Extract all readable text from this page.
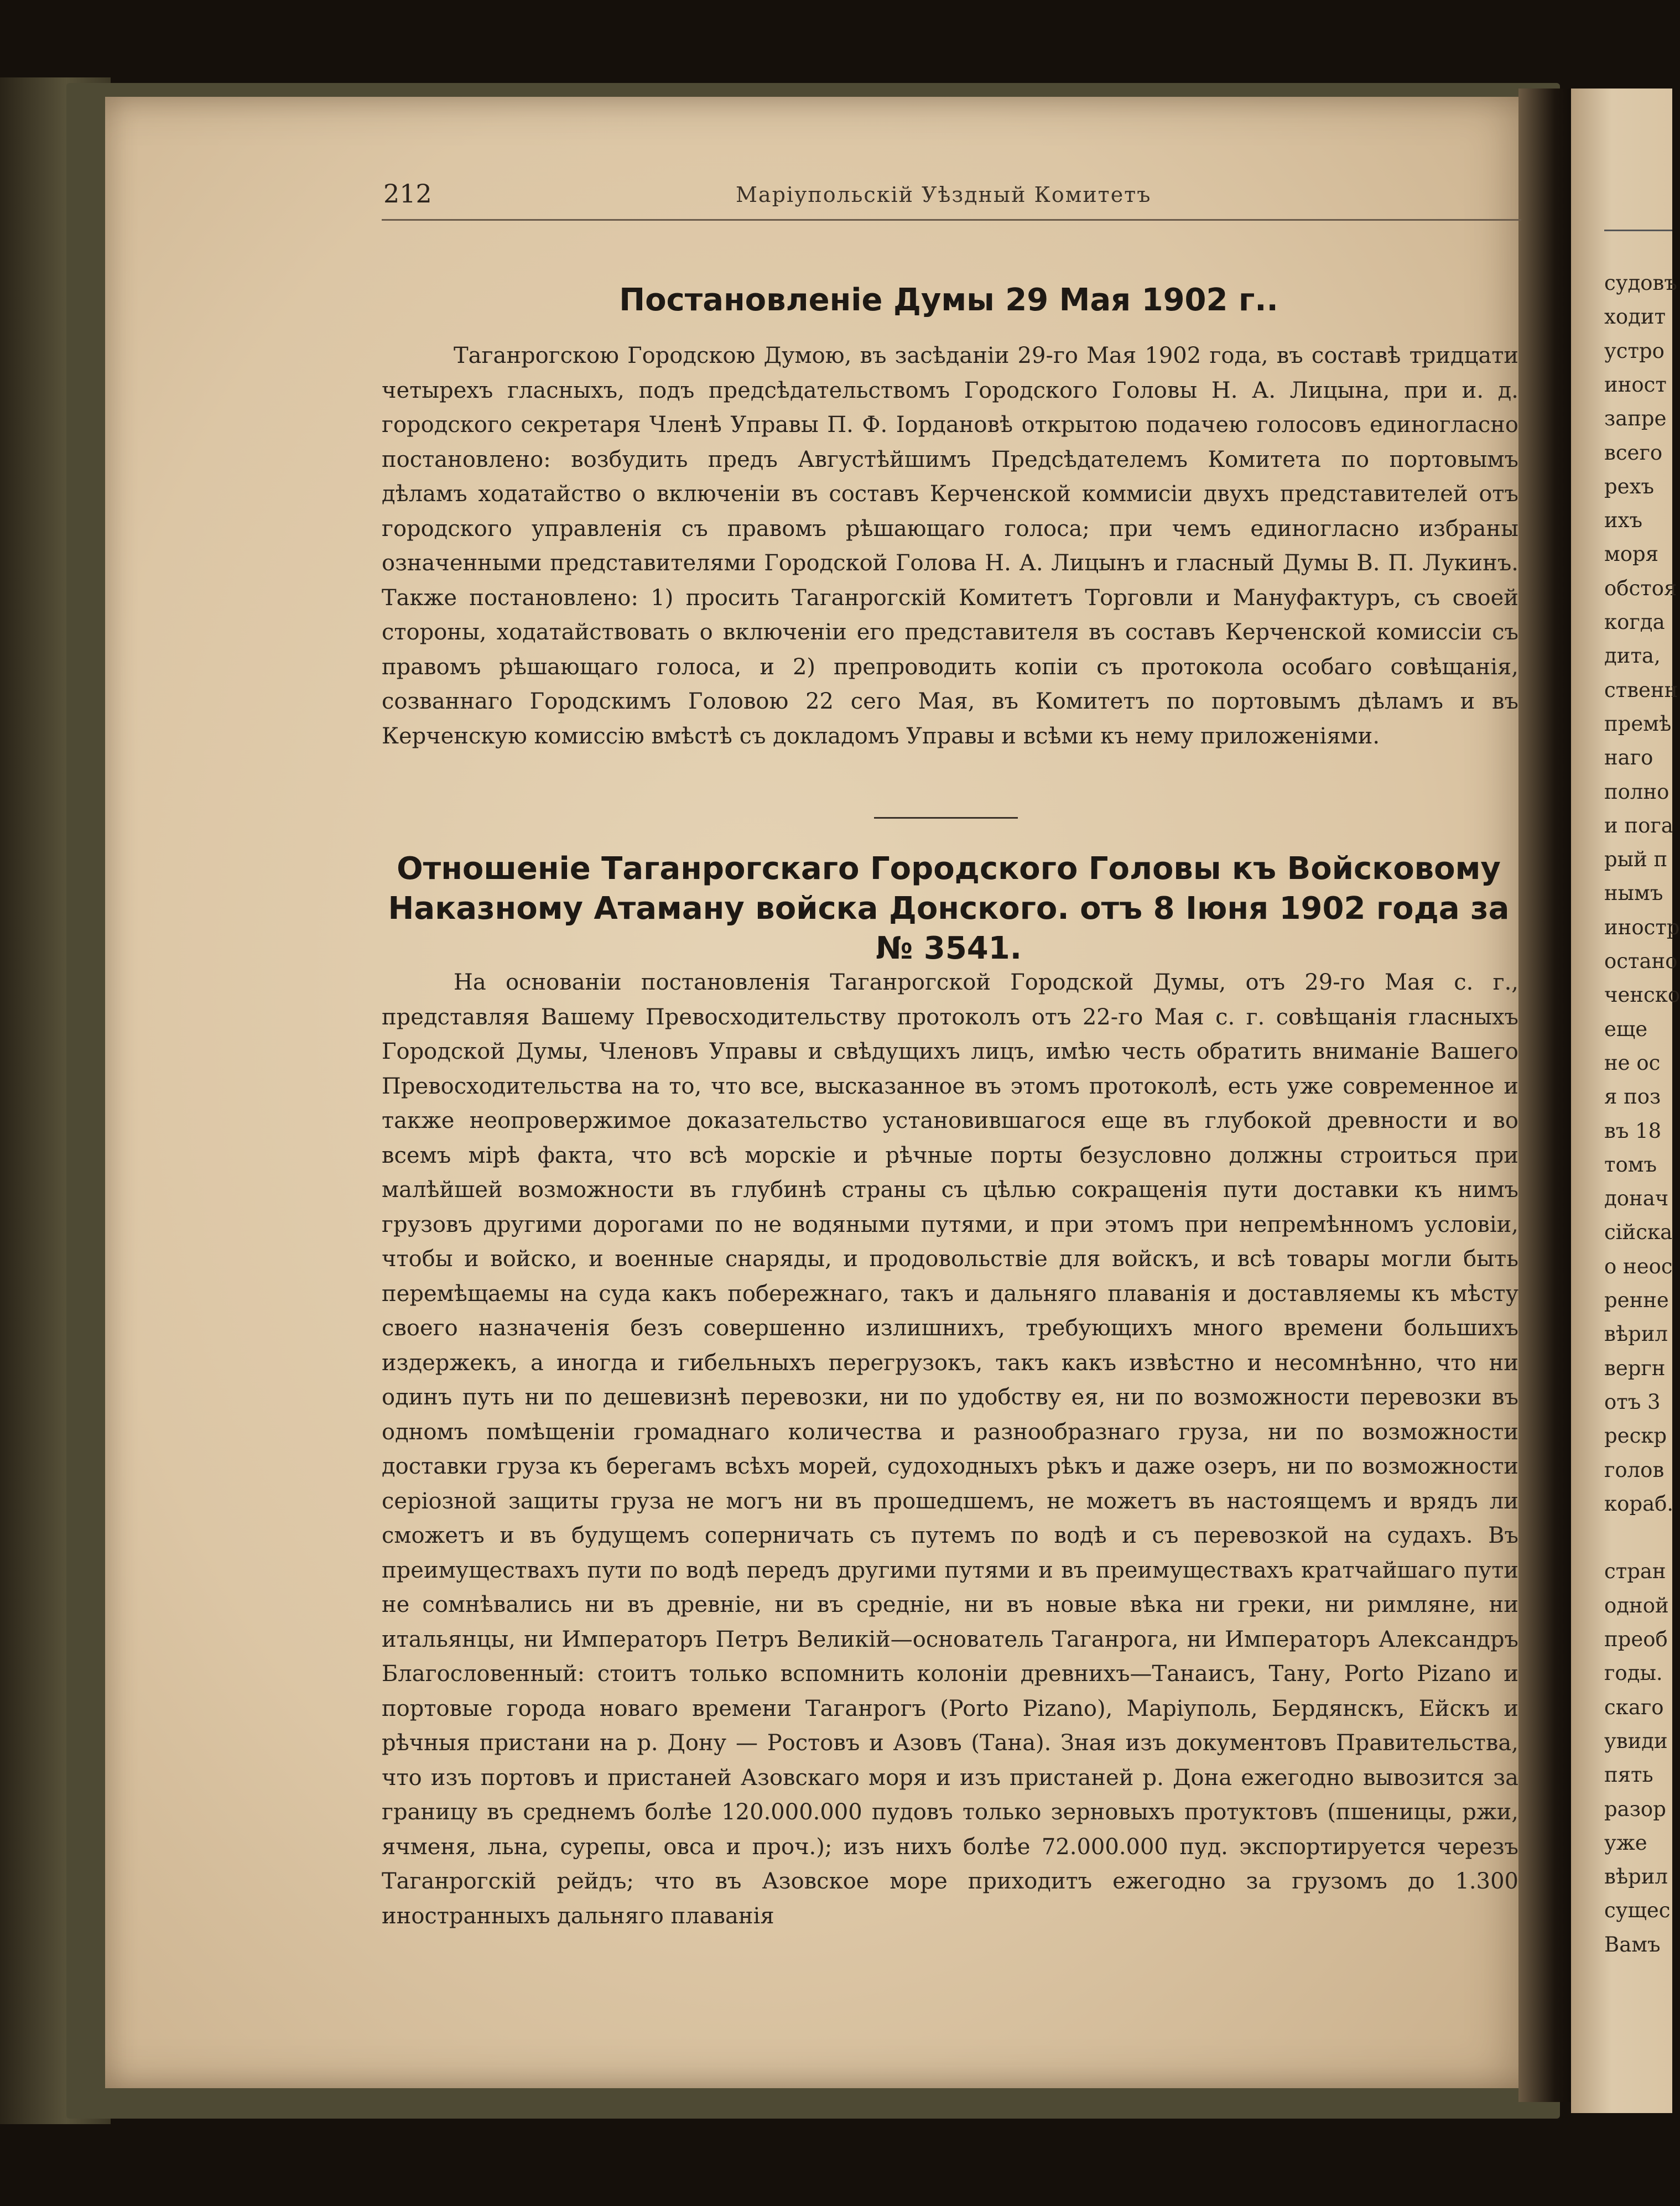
судовъ
ходит
устро
иност
запре
всего
рехъ
ихъ
моря
обстоя
когда
дита,
ственн
премѣ
наго
полно
и пога
рый п
нымъ
иностр
остано
ченско
еще
не ос
я поз
въ 18
томъ
донач
сійска
о неос
ренне
вѣрил
вергн
отъ 3
рескр
голов
кораб.
стран
одной
преоб
годы.
скаго
увиди
пять
разор
уже
вѣрил
сущес
Вамъ
212	Маріупольскій Уѣздный Комитетъ
Постановленіе Думы 29 Мая 1902 г..

Таганрогскою Городскою Думою, въ засѣданіи 29-го Мая 1902 года, въ составѣ тридцати четырехъ гласныхъ, подъ предсѣдательствомъ Городского Головы Н. А. Лицына, при и. д. городского секретаря Членѣ Управы П. Ф. Іордановѣ открытою подачею голосовъ единогласно постановлено: возбудить предъ Августѣйшимъ Предсѣдателемъ Комитета по портовымъ дѣламъ ходатайство о включеніи въ составъ Керченской коммисіи двухъ представителей отъ городского управленія съ правомъ рѣшающаго голоса; при чемъ единогласно избраны означенными представителями Городской Голова Н. А. Лицынъ и гласный Думы В. П. Лукинъ. Также постановлено: 1) просить Таганрогскій Комитетъ Торговли и Мануфактуръ, съ своей стороны, ходатайствовать о включеніи его представителя въ составъ Керченской комиссіи съ правомъ рѣшающаго голоса, и 2) препроводить копіи съ протокола особаго совѣщанія, созваннаго Городскимъ Головою 22 сего Мая, въ Комитетъ по портовымъ дѣламъ и въ Керченскую комиссію вмѣстѣ съ докладомъ Управы и всѣми къ нему приложеніями.

Отношеніе Таганрогскаго Городского Головы къ Войсковому Наказному Атаману войска Донского. отъ 8 Іюня 1902 года за № 3541.

На основаніи постановленія Таганрогской Городской Думы, отъ 29-го Мая с. г., представляя Вашему Превосходительству протоколъ отъ 22-го Мая с. г. совѣщанія гласныхъ Городской Думы, Членовъ Управы и свѣдущихъ лицъ, имѣю честь обратить вниманіе Вашего Превосходительства на то, что все, высказанное въ этомъ протоколѣ, есть уже современное и также неопровержимое доказательство установившагося еще въ глубокой древности и во всемъ мірѣ факта, что всѣ морскіе и рѣчные порты безусловно должны строиться при малѣйшей возможности въ глубинѣ страны съ цѣлью сокращенія пути доставки къ нимъ грузовъ другими дорогами по не водяными путями, и при этомъ при непремѣнномъ условіи, чтобы и войско, и военные снаряды, и продовольствіе для войскъ, и всѣ товары могли быть перемѣщаемы на суда какъ побережнаго, такъ и дальняго плаванія и доставляемы къ мѣсту своего назначенія безъ совершенно излишнихъ, требующихъ много времени большихъ издержекъ, а иногда и гибельныхъ перегрузокъ, такъ какъ извѣстно и несомнѣнно, что ни одинъ путь ни по дешевизнѣ перевозки, ни по удобству ея, ни по возможности перевозки въ одномъ помѣщеніи громаднаго количества и разнообразнаго груза, ни по возможности доставки груза къ берегамъ всѣхъ морей, судоходныхъ рѣкъ и даже озеръ, ни по возможности серіозной защиты груза не могъ ни въ прошедшемъ, не можетъ въ настоящемъ и врядъ ли сможетъ и въ будущемъ соперничать съ путемъ по водѣ и съ перевозкой на судахъ. Въ преимуществахъ пути по водѣ передъ другими путями и въ преимуществахъ кратчайшаго пути не сомнѣвались ни въ древніе, ни въ средніе, ни въ новые вѣка ни греки, ни римляне, ни итальянцы, ни Императоръ Петръ Великій—основатель Таганрога, ни Императоръ Александръ Благословенный: стоитъ только вспомнить колоніи древнихъ—Танаисъ, Тану, Porto Pizano и портовые города новаго времени Таганрогъ (Porto Pizano), Маріуполь, Бердянскъ, Ейскъ и рѣчныя пристани на р. Дону — Ростовъ и Азовъ (Тана). Зная изъ документовъ Правительства, что изъ портовъ и пристаней Азовскаго моря и изъ пристаней р. Дона ежегодно вывозится за границу въ среднемъ болѣе 120.000.000 пудовъ только зерновыхъ протуктовъ (пшеницы, ржи, ячменя, льна, сурепы, овса и проч.); изъ нихъ болѣе 72.000.000 пуд. экспортируется черезъ Таганрогскій рейдъ; что въ Азовское море приходитъ ежегодно за грузомъ до 1.300 иностранныхъ дальняго плаванія
